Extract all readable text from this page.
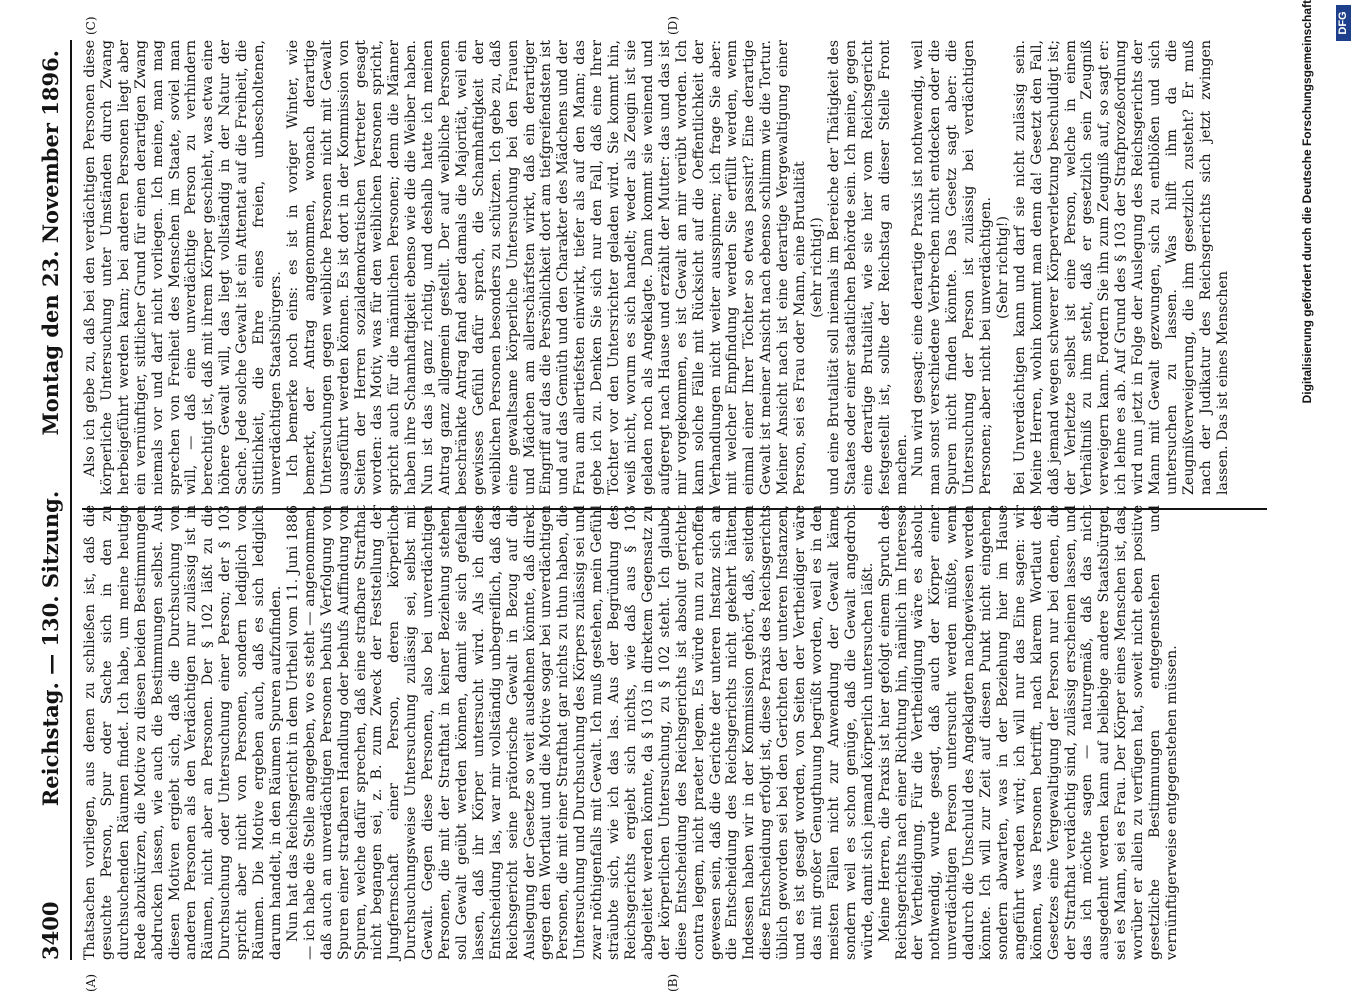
3400
Reichstag. — 130. Sitzung.
Montag den 23. November 1896.
(A)	(B)
(C)	(D)

Thatsachen vorliegen, aus denen zu schließen ist, daß die gesuchte Person, Spur oder Sache sich in den zu durchsuchenden Räumen findet. Ich habe, um meine heutige Rede abzukürzen, die Motive zu diesen beiden Bestimmungen abdrucken lassen, wie auch die Bestimmungen selbst. Aus diesen Motiven ergiebt sich, daß die Durchsuchung von anderen Personen als den Verdächtigen nur zulässig ist in Räumen, nicht aber an Personen. Der § 102 läßt zu die Durchsuchung oder Untersuchung einer Person; der § 103 spricht aber nicht von Personen, sondern lediglich von Räumen. Die Motive ergeben auch, daß es sich lediglich darum handelt, in den Räumen Spuren aufzufinden. Nun hat das Reichsgericht in dem Urtheil vom 11. Juni 1886 — ich habe die Stelle angegeben, wo es steht — angenommen, daß auch an unverdächtigen Personen behufs Verfolgung von Spuren einer strafbaren Handlung oder behufs Auffindung von Spuren, welche dafür sprechen, daß eine strafbare Strafthat nicht begangen sei, z. B. zum Zweck der Feststellung der Jungfernschaft einer Person, deren körperliche Durchsuchungsweise Untersuchung zulässig sei, selbst mit Gewalt. Gegen diese Personen, also bei unverdächtigen Personen, die mit der Strafthat in keiner Beziehung stehen, soll Gewalt geübt werden können, damit sie sich gefallen lassen, daß ihr Körper untersucht wird. Als ich diese Entscheidung las, war mir vollständig unbegreiflich, daß das Reichsgericht seine prätorische Gewalt in Bezug auf die Auslegung der Gesetze so weit ausdehnen könnte, daß direkt gegen den Wortlaut und die Motive sogar bei unverdächtigen Personen, die mit einer Strafthat gar nichts zu thun haben, die Untersuchung und Durchsuchung des Körpers zulässig sei und zwar nöthigenfalls mit Gewalt. Ich muß gestehen, mein Gefühl sträubte sich, wie ich das las. Aus der Begründung des Reichsgerichts ergiebt sich nichts, wie daß aus § 103 abgeleitet werden könnte, da § 103 in direktem Gegensatz zu der körperlichen Untersuchung, zu § 102 steht. Ich glaube, diese Entscheidung des Reichsgerichts ist absolut gerichtet contra legem, nicht praeter legem. Es würde nun zu erhoffen gewesen sein, daß die Gerichte der unteren Instanz sich an die Entscheidung des Reichsgerichts nicht gekehrt hätten. Indessen haben wir in der Kommission gehört, daß, seitdem diese Entscheidung erfolgt ist, diese Praxis des Reichsgerichts üblich geworden sei bei den Gerichten der unteren Instanzen, und es ist gesagt worden, von Seiten der Vertheidiger wäre das mit großer Genugthuung begrüßt worden, weil es in den meisten Fällen nicht zur Anwendung der Gewalt käme, sondern weil es schon genüge, daß die Gewalt angedroht würde, damit sich jemand körperlich untersuchen läßt. Meine Herren, die Praxis ist hier gefolgt einem Spruch des Reichsgerichts nach einer Richtung hin, nämlich im Interesse der Vertheidigung. Für die Vertheidigung wäre es absolut nothwendig, wurde gesagt, daß auch der Körper einer unverdächtigen Person untersucht werden müßte, wenn dadurch die Unschuld des Angeklagten nachgewiesen werden könnte. Ich will zur Zeit auf diesen Punkt nicht eingehen, sondern abwarten, was in der Beziehung hier im Hause angeführt werden wird; ich will nur das Eine sagen: wir können, was Personen betrifft, nach klarem Wortlaut des Gesetzes eine Vergewaltigung der Person nur bei denen, die der Strafthat verdächtig sind, zulässig erscheinen lassen, und das ich möchte sagen — naturgemäß, daß das nicht ausgedehnt werden kann auf beliebige andere Staatsbürger, sei es Mann, sei es Frau. Der Körper eines Menschen ist, das, worüber er allein zu verfügen hat, soweit nicht eben positive gesetzliche Bestimmungen entgegenstehen und vernünftigerweise entgegenstehen müssen.

Also ich gebe zu, daß bei den verdächtigen Personen diese körperliche Untersuchung unter Umständen durch Zwang herbeigeführt werden kann; bei anderen Personen liegt aber ein vernünftiger, sittlicher Grund für einen derartigen Zwang niemals vor und darf nicht vorliegen. Ich meine, man mag sprechen von Freiheit des Menschen im Staate, soviel man will, — daß eine unverdächtige Person zu verhindern berechtigt ist, daß mit ihrem Körper geschieht, was etwa eine höhere Gewalt will, das liegt vollständig in der Natur der Sache. Jede solche Gewalt ist ein Attentat auf die Freiheit, die Sittlichkeit, die Ehre eines freien, unbescholtenen, unverdächtigen Staatsbürgers. Ich bemerke noch eins: es ist in voriger Winter, wie bemerkt, der Antrag angenommen, wonach derartige Untersuchungen gegen weibliche Personen nicht mit Gewalt ausgeführt werden können. Es ist dort in der Kommission von Seiten der Herren sozialdemokratischen Vertreter gesagt worden: das Motiv, was für den weiblichen Personen spricht, spricht auch für die männlichen Personen; denn die Männer haben ihre Schamhaftigkeit ebenso wie die die Weiber haben. Nun ist das ja ganz richtig, und deshalb hatte ich meinen Antrag ganz allgemein gestellt. Der auf weibliche Personen beschränkte Antrag fand aber damals die Majorität, weil ein gewisses Gefühl dafür sprach, die Schamhaftigkeit der weiblichen Personen besonders zu schützen. Ich gebe zu, daß eine gewaltsame körperliche Untersuchung bei den Frauen und Mädchen am allerschärfsten wirkt, daß ein derartiger Eingriff auf das die Persönlichkeit dort am tiefgreifendsten ist und auf das Gemüth und den Charakter des Mädchens und der Frau am allertiefsten einwirkt, tiefer als auf den Mann; das gebe ich zu. Denken Sie sich nur den Fall, daß eine Ihrer Töchter vor den Untersrichter geladen wird. Sie kommt hin, weiß nicht, worum es sich handelt; weder als Zeugin ist sie geladen noch als Angeklagte. Dann kommt sie weinend und aufgeregt nach Hause und erzählt der Mutter: das und das ist mir vorgekommen, es ist Gewalt an mir verübt worden. Ich kann solche Fälle mit Rücksicht auf die Oeffentlichkeit der Verhandlungen nicht weiter ausspinnen; ich frage Sie aber: mit welcher Empfindung werden Sie erfüllt werden, wenn einmal einer Ihrer Töchter so etwas passirt? Eine derartige Gewalt ist meiner Ansicht nach ebenso schlimm wie die Tortur. Meiner Ansicht nach ist eine derartige Vergewaltigung einer Person, sei es Frau oder Mann, eine Brutalität (sehr richtig!) und eine Brutalität soll niemals im Bereiche der Thätigkeit des Staates oder einer staatlichen Behörde sein. Ich meine, gegen eine derartige Brutalität, wie sie hier vom Reichsgericht festgestellt ist, sollte der Reichstag an dieser Stelle Front machen. Nun wird gesagt: eine derartige Praxis ist nothwendig, weil man sonst verschiedene Verbrechen nicht entdecken oder die Spuren nicht finden könnte. Das Gesetz sagt aber: die Untersuchung der Person ist zulässig bei verdächtigen Personen; aber nicht bei unverdächtigen. (Sehr richtig!) Bei Unverdächtigen kann und darf sie nicht zulässig sein. Meine Herren, wohin kommt man denn da! Gesetzt den Fall, daß jemand wegen schwerer Körperverletzung beschuldigt ist; der Verletzte selbst ist eine Person, welche in einem Verhältniß zu ihm steht, daß er gesetzlich sein Zeugniß verweigern kann. Fordern Sie ihn zum Zeugniß auf, so sagt er: ich lehne es ab. Auf Grund des § 103 der Strafprozeßordnung wird nun jetzt in Folge der Auslegung des Reichsgerichts der Mann mit Gewalt gezwungen, sich zu entblößen und sich untersuchen zu lassen. Was hilft ihm da die Zeugnißverweigerung, die ihm gesetzlich zusteht? Er muß nach der Judikatur des Reichsgerichts sich jetzt zwingen lassen. Das ist eines Menschen	Digitalisierung gefördert durch die Deutsche Forschungsgemeinschaft DFG
